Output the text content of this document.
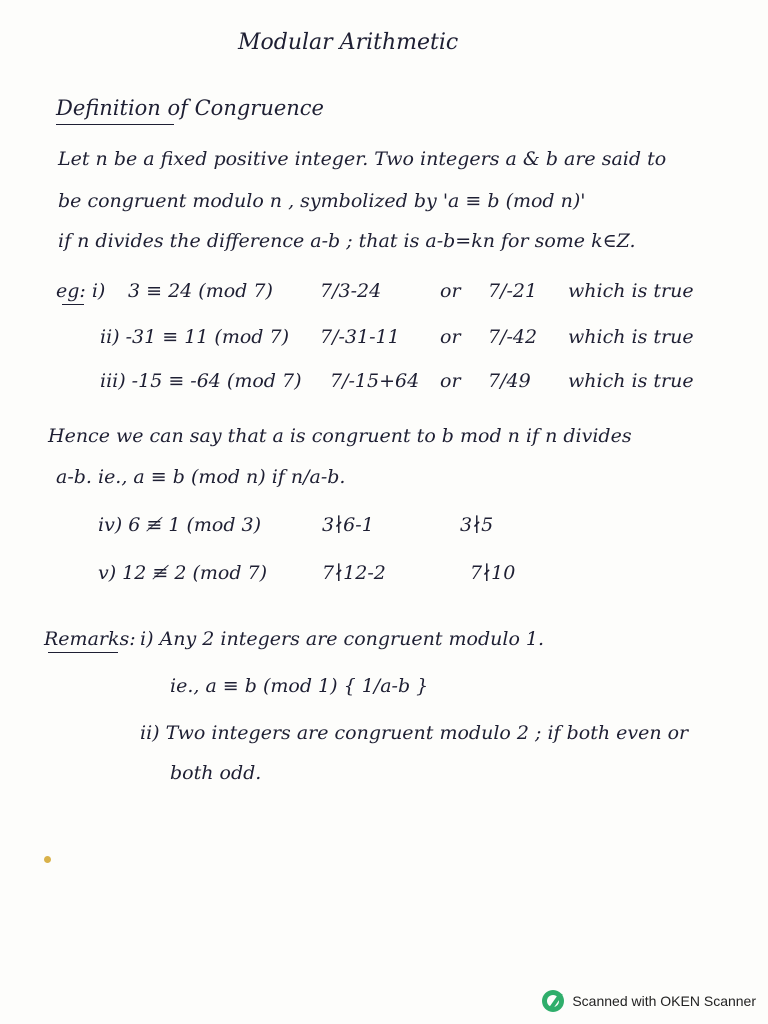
Modular Arithmetic
Definition of Congruence
Let n be a fixed positive integer. Two integers a & b are said to
be congruent modulo n , symbolized by 'a ≡ b (mod n)'
if n divides the difference a-b ; that is a-b=kn for some k∈Z.
eg: i) 3 ≡ 24 (mod 7) 7/3-24	or 7/-21 which is true
ii) -31 ≡ 11 (mod 7) 7/-31-11 or 7/-42 which is true
iii) -15 ≡ -64 (mod 7) 7/-15+64 or 7/49 which is true
Hence we can say that a is congruent to b mod n if n divides
a-b. ie., a ≡ b (mod n) if n/a-b.
iv) 6 ≢ 1 (mod 3)	3∤6-1	3∤5
v) 12 ≢ 2 (mod 7)	7∤12-2	7∤10
Remarks: i) Any 2 integers are congruent modulo 1.
ie., a ≡ b (mod 1) { 1/a-b }
ii) Two integers are congruent modulo 2 ; if both even or
both odd.
Scanned with OKEN Scanner
